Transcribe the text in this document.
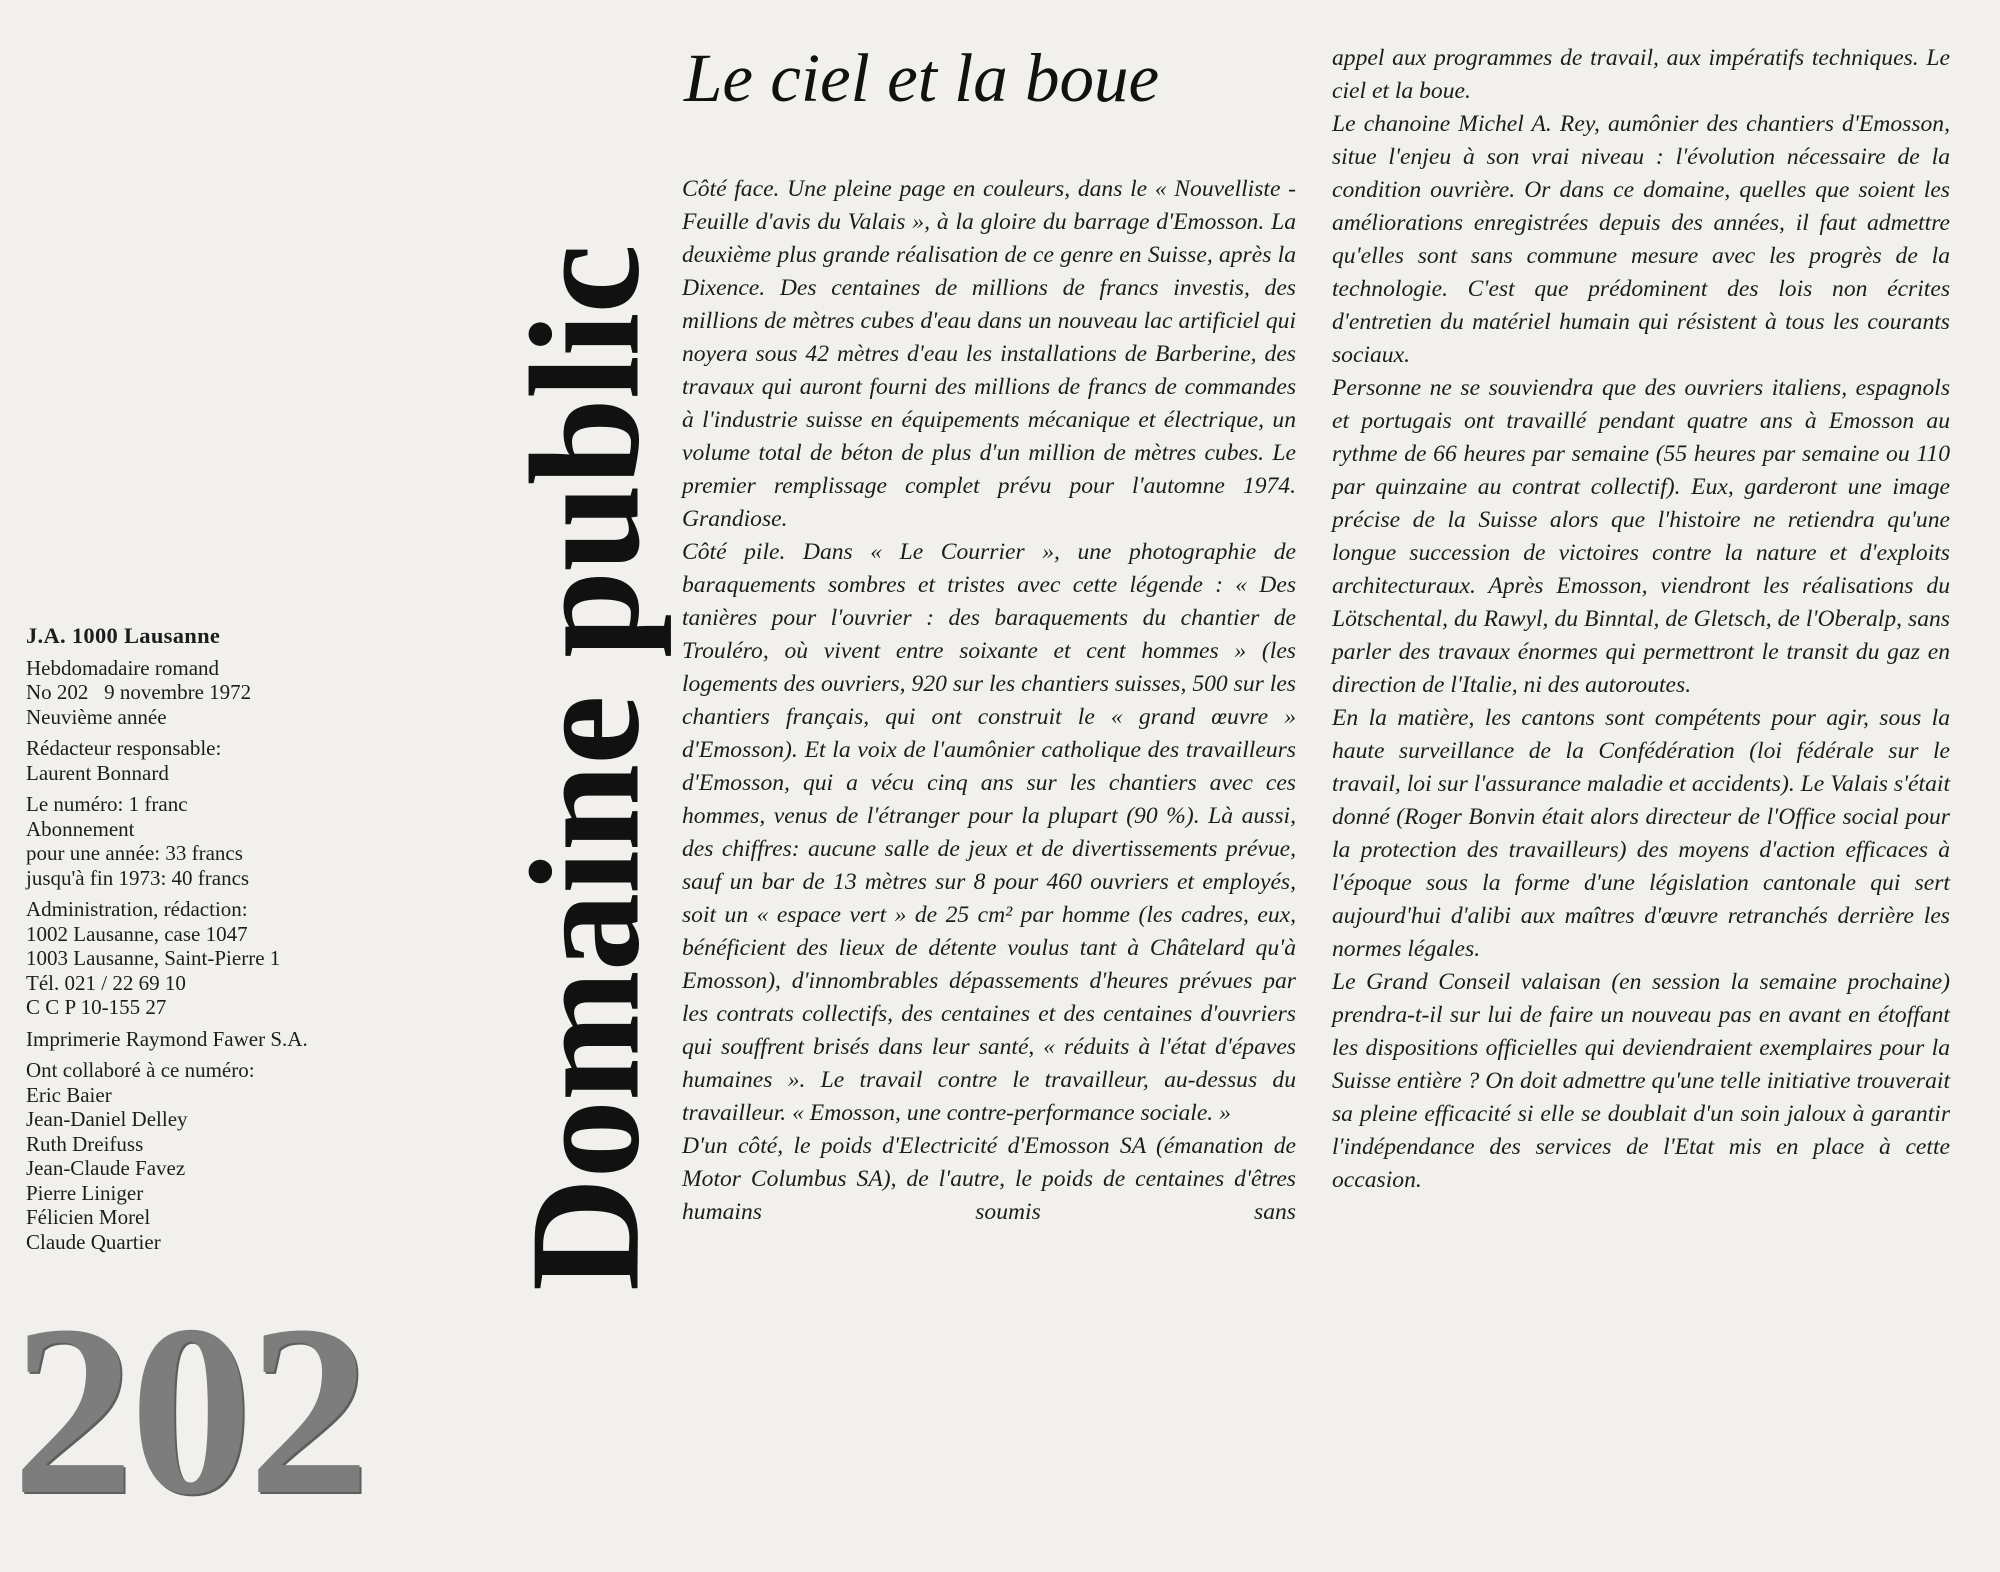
J.A. 1000 Lausanne
Hebdomadaire romand
No 202   9 novembre 1972
Neuvième année
Rédacteur responsable:
Laurent Bonnard
Le numéro: 1 franc
Abonnement
pour une année: 33 francs
jusqu'à fin 1973: 40 francs
Administration, rédaction:
1002 Lausanne, case 1047
1003 Lausanne, Saint-Pierre 1
Tél. 021 / 22 69 10
C C P 10-155 27
Imprimerie Raymond Fawer S.A.
Ont collaboré à ce numéro:
Eric Baier
Jean-Daniel Delley
Ruth Dreifuss
Jean-Claude Favez
Pierre Liniger
Félicien Morel
Claude Quartier
202
Domaine public
Le ciel et la boue

Côté face. Une pleine page en couleurs, dans le « Nouvelliste - Feuille d'avis du Valais », à la gloire du barrage d'Emosson. La deuxième plus grande réalisation de ce genre en Suisse, après la Dixence. Des centaines de millions de francs investis, des millions de mètres cubes d'eau dans un nouveau lac artificiel qui noyera sous 42 mètres d'eau les installations de Barberine, des travaux qui auront fourni des millions de francs de commandes à l'industrie suisse en équipements mécanique et électrique, un volume total de béton de plus d'un million de mètres cubes. Le premier remplissage complet prévu pour l'automne 1974. Grandiose.

Côté pile. Dans « Le Courrier », une photographie de baraquements sombres et tristes avec cette légende : « Des tanières pour l'ouvrier : des baraquements du chantier de Trouléro, où vivent entre soixante et cent hommes » (les logements des ouvriers, 920 sur les chantiers suisses, 500 sur les chantiers français, qui ont construit le « grand œuvre » d'Emosson). Et la voix de l'aumônier catholique des travailleurs d'Emosson, qui a vécu cinq ans sur les chantiers avec ces hommes, venus de l'étranger pour la plupart (90 %). Là aussi, des chiffres: aucune salle de jeux et de divertissements prévue, sauf un bar de 13 mètres sur 8 pour 460 ouvriers et employés, soit un « espace vert » de 25 cm² par homme (les cadres, eux, bénéficient des lieux de détente voulus tant à Châtelard qu'à Emosson), d'innombrables dépassements d'heures prévues par les contrats collectifs, des centaines et des centaines d'ouvriers qui souffrent brisés dans leur santé, « réduits à l'état d'épaves humaines ». Le travail contre le travailleur, au-dessus du travailleur. « Emosson, une contre-performance sociale. »

D'un côté, le poids d'Electricité d'Emosson SA (émanation de Motor Columbus SA), de l'autre, le poids de centaines d'êtres humains soumis sans

appel aux programmes de travail, aux impératifs techniques. Le ciel et la boue.

Le chanoine Michel A. Rey, aumônier des chantiers d'Emosson, situe l'enjeu à son vrai niveau : l'évolution nécessaire de la condition ouvrière. Or dans ce domaine, quelles que soient les améliorations enregistrées depuis des années, il faut admettre qu'elles sont sans commune mesure avec les progrès de la technologie. C'est que prédominent des lois non écrites d'entretien du matériel humain qui résistent à tous les courants sociaux.

Personne ne se souviendra que des ouvriers italiens, espagnols et portugais ont travaillé pendant quatre ans à Emosson au rythme de 66 heures par semaine (55 heures par semaine ou 110 par quinzaine au contrat collectif). Eux, garderont une image précise de la Suisse alors que l'histoire ne retiendra qu'une longue succession de victoires contre la nature et d'exploits architecturaux. Après Emosson, viendront les réalisations du Lötschental, du Rawyl, du Binntal, de Gletsch, de l'Oberalp, sans parler des travaux énormes qui permettront le transit du gaz en direction de l'Italie, ni des autoroutes.

En la matière, les cantons sont compétents pour agir, sous la haute surveillance de la Confédération (loi fédérale sur le travail, loi sur l'assurance maladie et accidents). Le Valais s'était donné (Roger Bonvin était alors directeur de l'Office social pour la protection des travailleurs) des moyens d'action efficaces à l'époque sous la forme d'une législation cantonale qui sert aujourd'hui d'alibi aux maîtres d'œuvre retranchés derrière les normes légales.

Le Grand Conseil valaisan (en session la semaine prochaine) prendra-t-il sur lui de faire un nouveau pas en avant en étoffant les dispositions officielles qui deviendraient exemplaires pour la Suisse entière ? On doit admettre qu'une telle initiative trouverait sa pleine efficacité si elle se doublait d'un soin jaloux à garantir l'indépendance des services de l'Etat mis en place à cette occasion.
